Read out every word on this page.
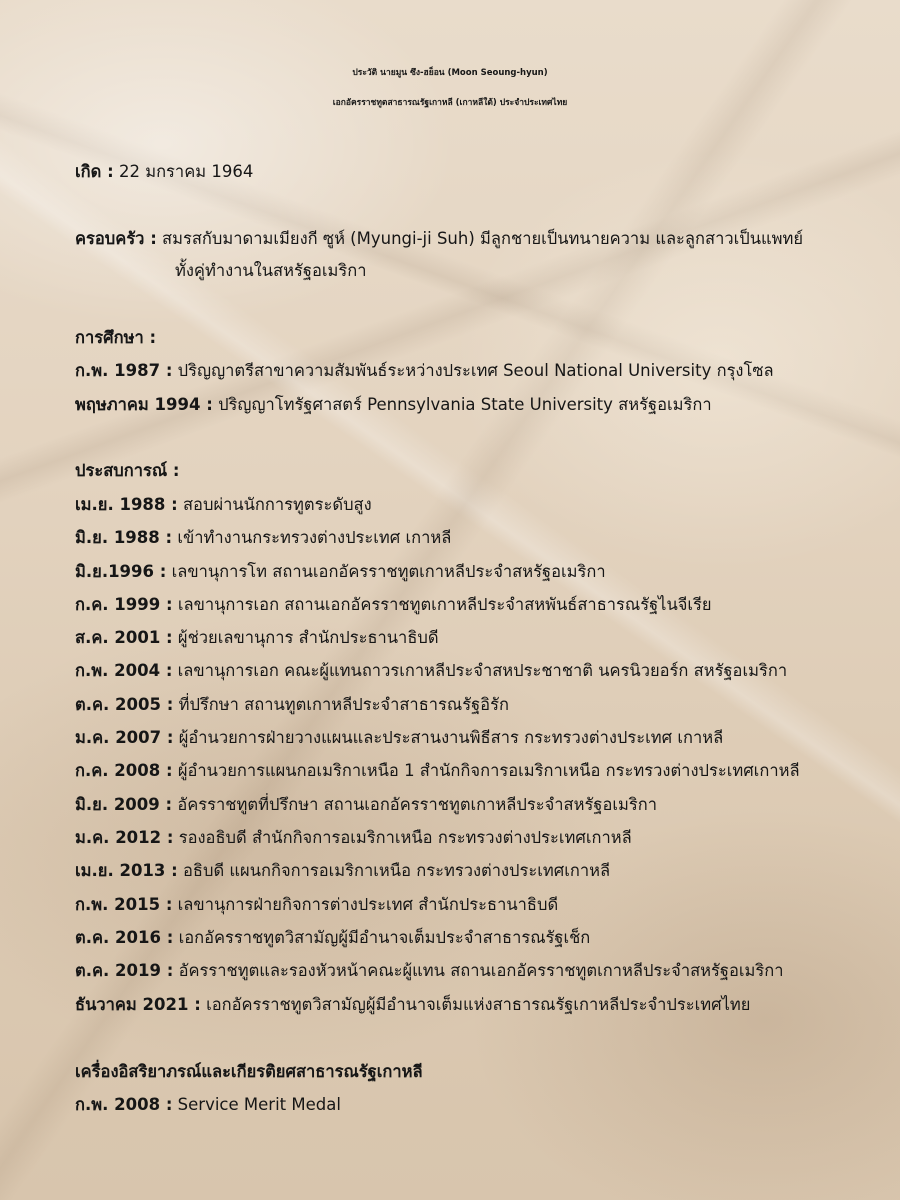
ประวัติ นายมูน ซึง-ฮย็อน (Moon Seoung-hyun)
เอกอัครราชทูตสาธารณรัฐเกาหลี (เกาหลีใต้) ประจำประเทศไทย
เกิด : 22 มกราคม 1964
ครอบครัว : สมรสกับมาดามเมียงกี ซูห์ (Myungi-ji Suh) มีลูกชายเป็นทนายความ และลูกสาวเป็นแพทย์
ทั้งคู่ทำงานในสหรัฐอเมริกา
การศึกษา :
ก.พ. 1987 : ปริญญาตรีสาขาความสัมพันธ์ระหว่างประเทศ Seoul National University กรุงโซล
พฤษภาคม 1994 : ปริญญาโทรัฐศาสตร์ Pennsylvania State University สหรัฐอเมริกา
ประสบการณ์ :
เม.ย. 1988 : สอบผ่านนักการทูตระดับสูง
มิ.ย. 1988 : เข้าทำงานกระทรวงต่างประเทศ เกาหลี
มิ.ย.1996 : เลขานุการโท สถานเอกอัครราชทูตเกาหลีประจำสหรัฐอเมริกา
ก.ค. 1999 : เลขานุการเอก สถานเอกอัครราชทูตเกาหลีประจำสหพันธ์สาธารณรัฐไนจีเรีย
ส.ค. 2001 : ผู้ช่วยเลขานุการ สำนักประธานาธิบดี
ก.พ. 2004 : เลขานุการเอก คณะผู้แทนถาวรเกาหลีประจำสหประชาชาติ นครนิวยอร์ก สหรัฐอเมริกา
ต.ค. 2005 : ที่ปรึกษา สถานทูตเกาหลีประจำสาธารณรัฐอิรัก
ม.ค. 2007 : ผู้อำนวยการฝ่ายวางแผนและประสานงานพิธีสาร กระทรวงต่างประเทศ เกาหลี
ก.ค. 2008 : ผู้อำนวยการแผนกอเมริกาเหนือ 1 สำนักกิจการอเมริกาเหนือ กระทรวงต่างประเทศเกาหลี
มิ.ย. 2009 : อัครราชทูตที่ปรึกษา สถานเอกอัครราชทูตเกาหลีประจำสหรัฐอเมริกา
ม.ค. 2012 : รองอธิบดี สำนักกิจการอเมริกาเหนือ กระทรวงต่างประเทศเกาหลี
เม.ย. 2013 : อธิบดี แผนกกิจการอเมริกาเหนือ กระทรวงต่างประเทศเกาหลี
ก.พ. 2015 : เลขานุการฝ่ายกิจการต่างประเทศ สำนักประธานาธิบดี
ต.ค. 2016 : เอกอัครราชทูตวิสามัญผู้มีอำนาจเต็มประจำสาธารณรัฐเช็ก
ต.ค. 2019 : อัครราชทูตและรองหัวหน้าคณะผู้แทน สถานเอกอัครราชทูตเกาหลีประจำสหรัฐอเมริกา
ธันวาคม 2021 : เอกอัครราชทูตวิสามัญผู้มีอำนาจเต็มแห่งสาธารณรัฐเกาหลีประจำประเทศไทย
เครื่องอิสริยาภรณ์และเกียรติยศสาธารณรัฐเกาหลี
ก.พ. 2008 : Service Merit Medal
